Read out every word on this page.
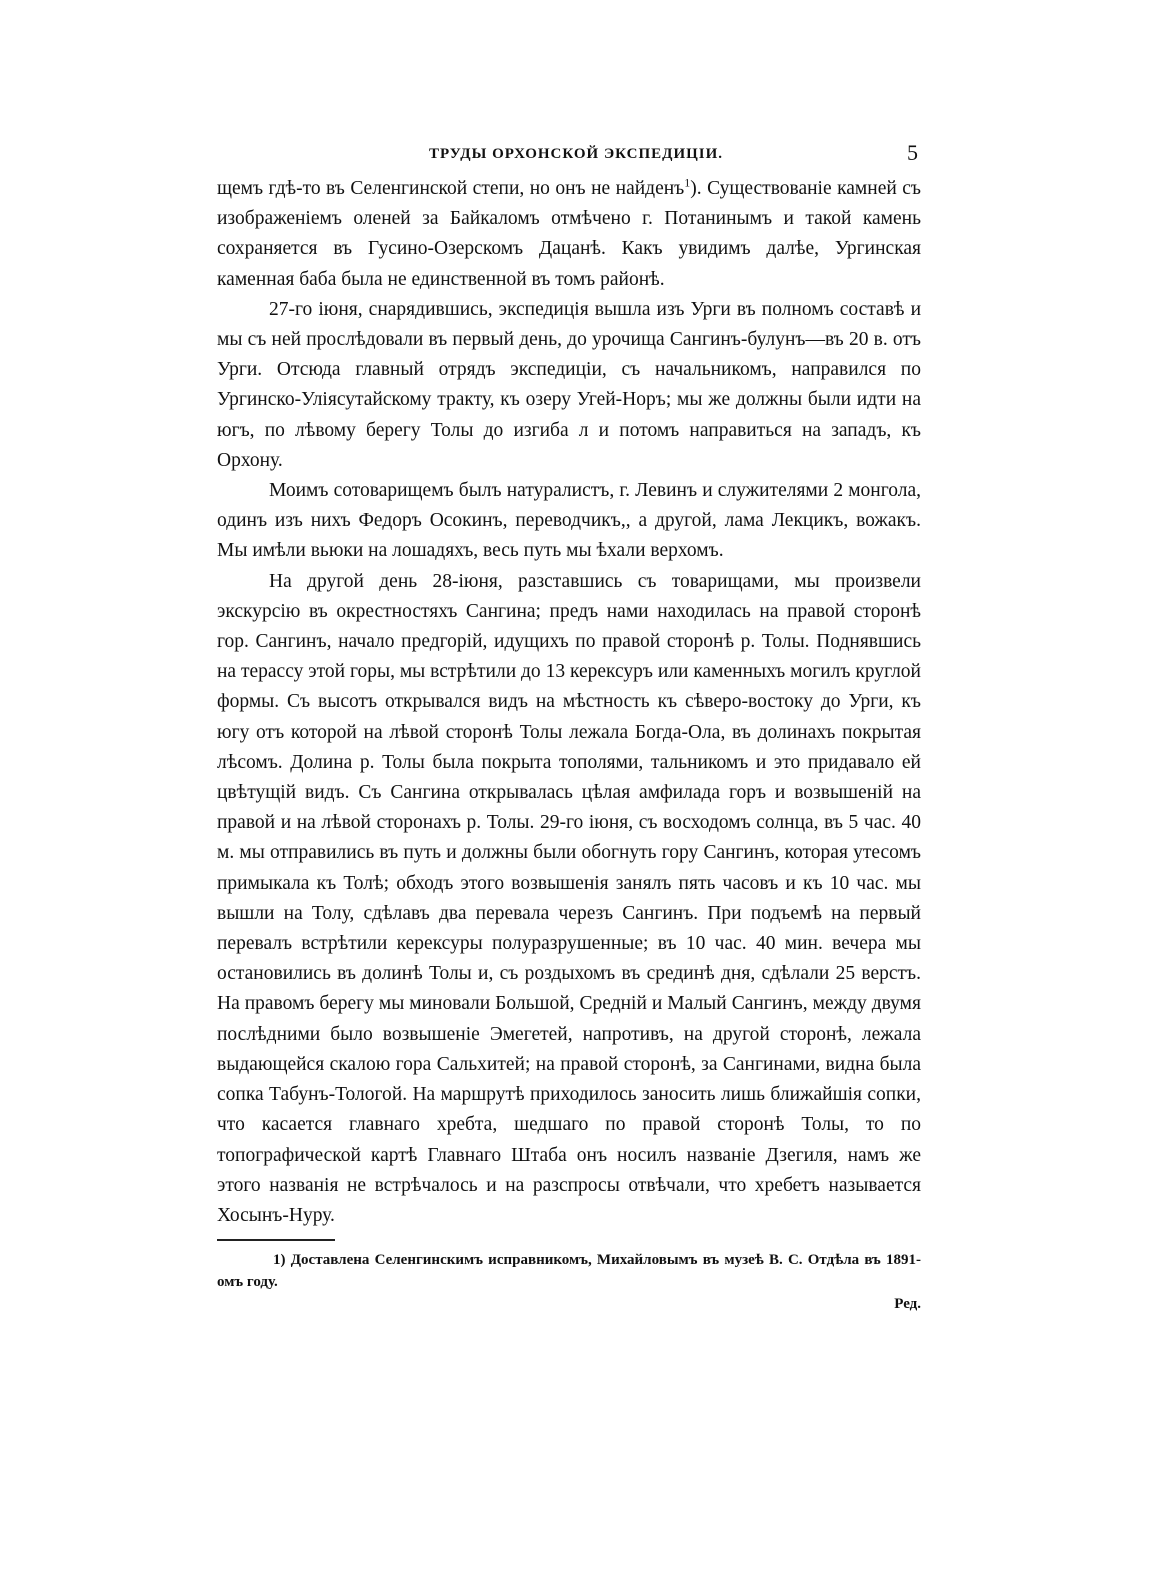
ТРУДЫ ОРХОНСКОЙ ЭКСПЕДИЦІИ.	5

щемъ гдѣ-то въ Селенгинской степи, но онъ не найденъ$^1$). Существованіе камней съ изображеніемъ оленей за Байкаломъ отмѣчено г. Потанинымъ и такой камень сохраняется въ Гусино-Озерскомъ Дацанѣ. Какъ увидимъ далѣе, Ургинская каменная баба была не единственной въ томъ районѣ.

27-го іюня, снарядившись, экспедиція вышла изъ Урги въ полномъ составѣ и мы съ ней прослѣдовали въ первый день, до урочища Сангинъ-булунъ—въ 20 в. отъ Урги. Отсюда главный отрядъ экспедиціи, съ начальникомъ, направился по Ургинско-Уліясутайскому тракту, къ озеру Угей-Норъ; мы же должны были идти на югъ, по лѣвому берегу Толы до изгиба л и потомъ направиться на западъ, къ Орхону.

Моимъ сотоварищемъ былъ натуралистъ, г. Левинъ и служителями 2 монгола, одинъ изъ нихъ Федоръ Осокинъ, переводчикъ,, а другой, лама Лекцикъ, вожакъ. Мы имѣли вьюки на лошадяхъ, весь путь мы ѣхали верхомъ.

На другой день 28-іюня, разставшись съ товарищами, мы произвели экскурсію въ окрестностяхъ Сангина; предъ нами находилась на правой сторонѣ гор. Сангинъ, начало предгорій, идущихъ по правой сторонѣ р. Толы. Поднявшись на терассу этой горы, мы встрѣтили до 13 керексуръ или каменныхъ могилъ круглой формы. Съ высотъ открывался видъ на мѣстность къ сѣверо-востоку до Урги, къ югу отъ которой на лѣвой сторонѣ Толы лежала Богда-Ола, въ долинахъ покрытая лѣсомъ. Долина р. Толы была покрыта тополями, тальникомъ и это придавало ей цвѣтущій видъ. Съ Сангина открывалась цѣлая амфилада горъ и возвышеній на правой и на лѣвой сторонахъ р. Толы. 29-го іюня, съ восходомъ солнца, въ 5 час. 40 м. мы отправились въ путь и должны были обогнуть гору Сангинъ, которая утесомъ примыкала къ Толѣ; обходъ этого возвышенія занялъ пять часовъ и къ 10 час. мы вышли на Толу, сдѣлавъ два перевала черезъ Сангинъ. При подъемѣ на первый перевалъ встрѣтили керексуры полуразрушенные; въ 10 час. 40 мин. вечера мы остановились въ долинѣ Толы и, съ роздыхомъ въ срединѣ дня, сдѣлали 25 верстъ. На правомъ берегу мы миновали Большой, Средній и Малый Сангинъ, между двумя послѣдними было возвышеніе Эмегетей, напротивъ, на другой сторонѣ, лежала выдающейся скалою гора Сальхитей; на правой сторонѣ, за Сангинами, видна была сопка Табунъ-Тологой. На маршрутѣ приходилось заносить лишь ближайшія сопки, что касается главнаго хребта, шедшаго по правой сторонѣ Толы, то по топографической картѣ Главнаго Штаба онъ носилъ названіе Дзегиля, намъ же этого названія не встрѣчалось и на разспросы отвѣчали, что хребетъ называется Хосынъ-Нуру.

1) Доставлена Селенгинскимъ исправникомъ, Михайловымъ въ музеѣ В. С. Отдѣла въ 1891-омъ году.
Ред.
